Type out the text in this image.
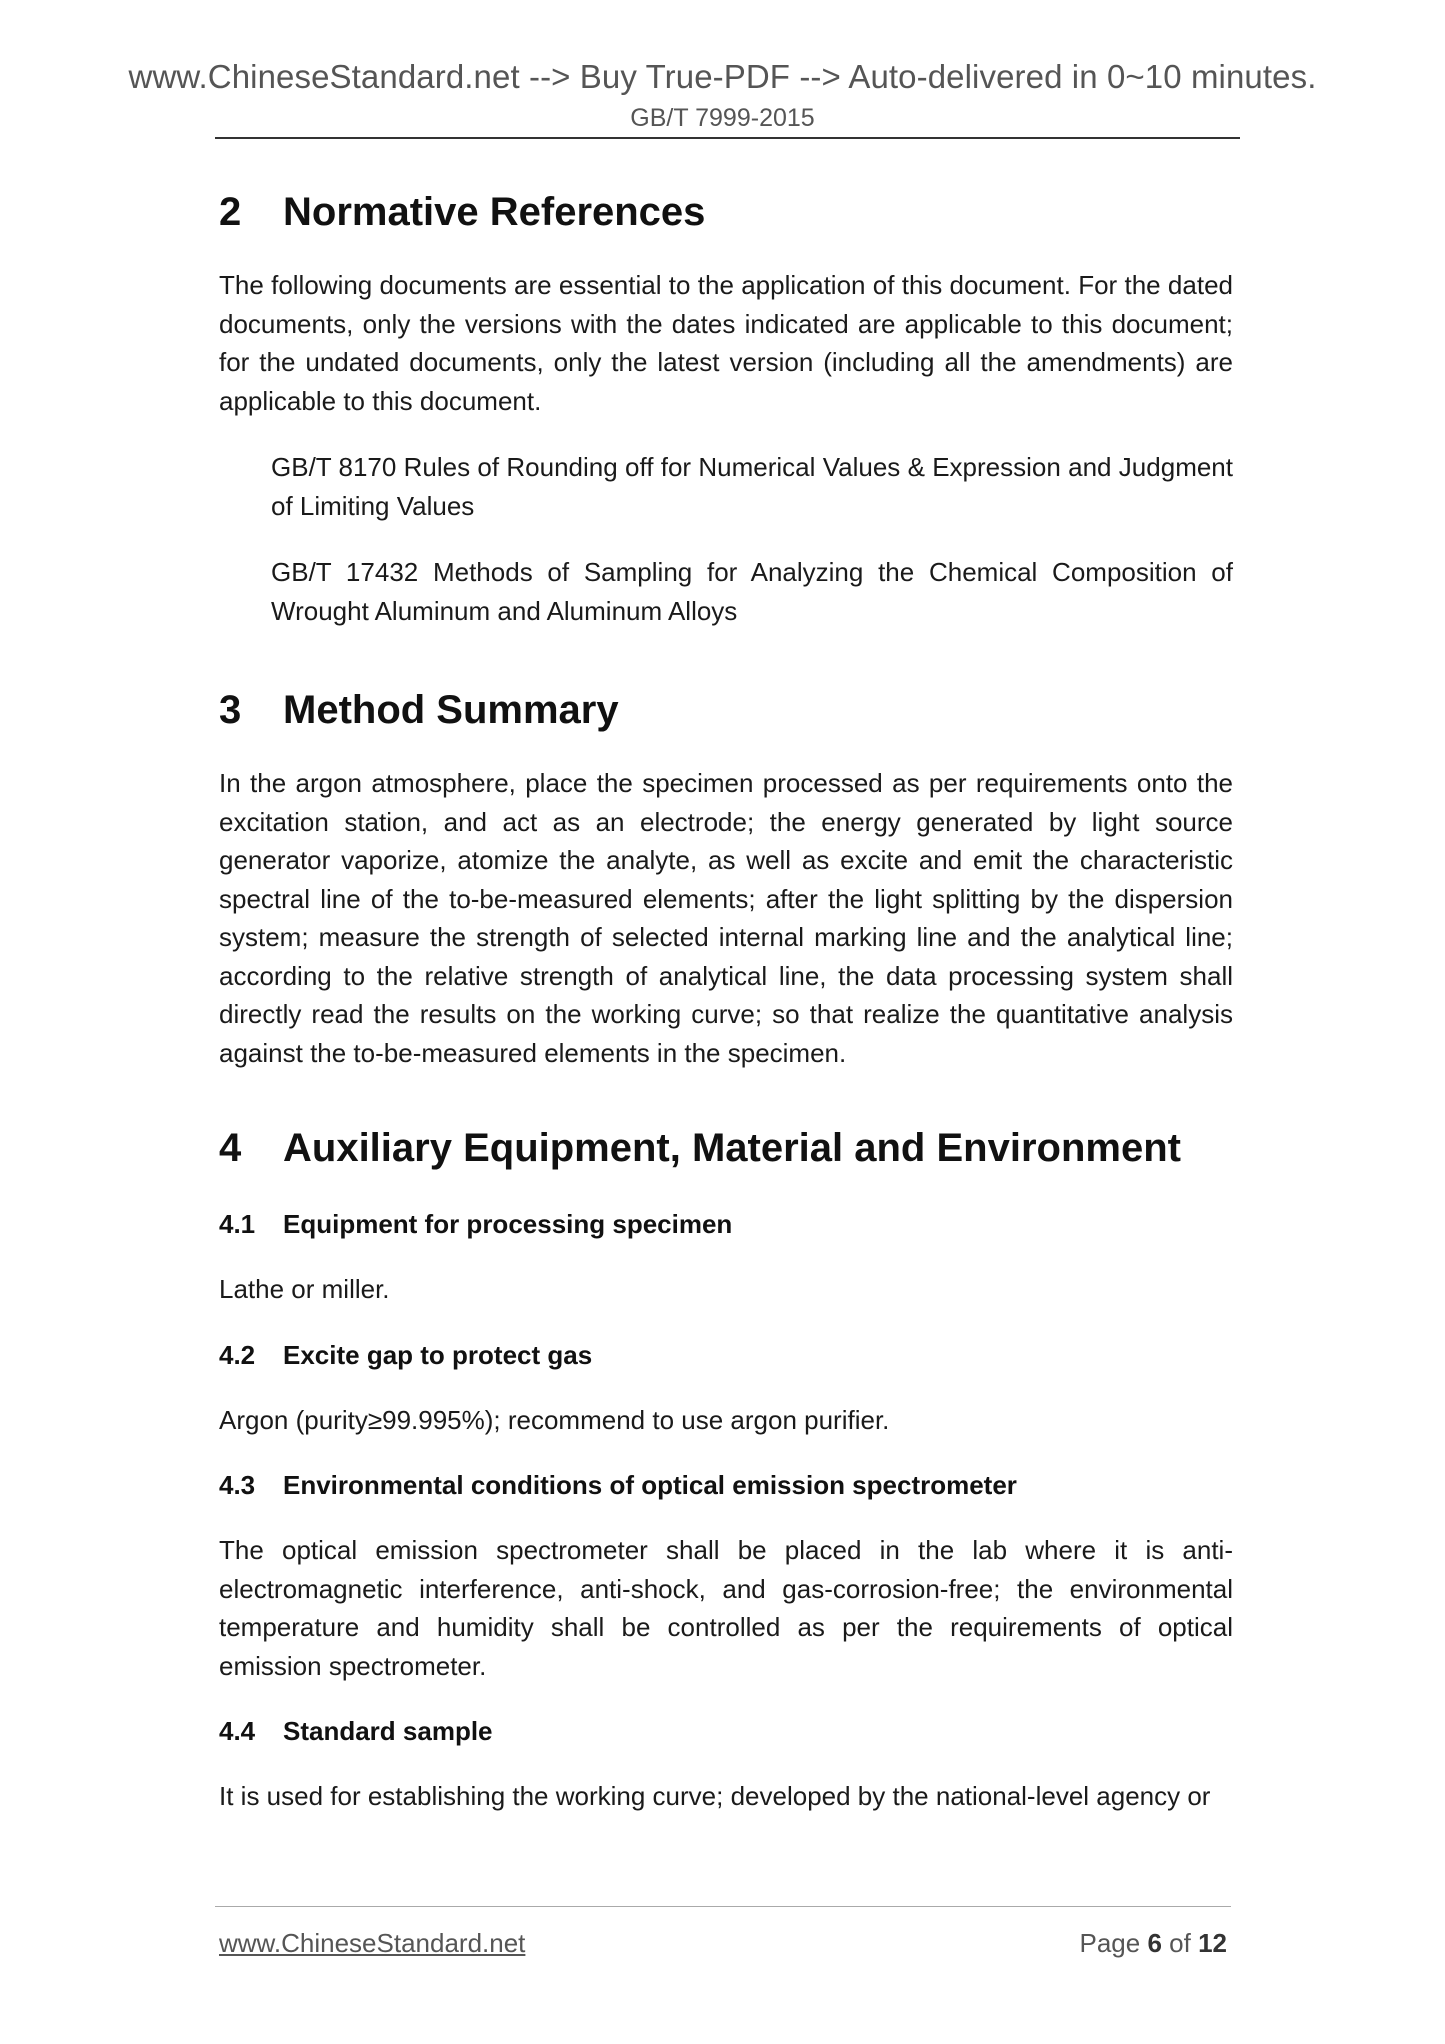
www.ChineseStandard.net --> Buy True-PDF --> Auto-delivered in 0~10 minutes.
GB/T 7999-2015
2	Normative References

The following documents are essential to the application of this document. For the dated documents, only the versions with the dates indicated are applicable to this document; for the undated documents, only the latest version (including all the amendments) are applicable to this document.

GB/T 8170 Rules of Rounding off for Numerical Values & Expression and Judgment of Limiting Values

GB/T 17432 Methods of Sampling for Analyzing the Chemical Composition of Wrought Aluminum and Aluminum Alloys

3	Method Summary

In the argon atmosphere, place the specimen processed as per requirements onto the excitation station, and act as an electrode; the energy generated by light source generator vaporize, atomize the analyte, as well as excite and emit the characteristic spectral line of the to-be-measured elements; after the light splitting by the dispersion system; measure the strength of selected internal marking line and the analytical line; according to the relative strength of analytical line, the data processing system shall directly read the results on the working curve; so that realize the quantitative analysis against the to-be-measured elements in the specimen.

4	Auxiliary Equipment, Material and Environment
4.1	Equipment for processing specimen

Lathe or miller.

4.2	Excite gap to protect gas

Argon (purity≥99.995%); recommend to use argon purifier.

4.3	Environmental conditions of optical emission spectrometer

The optical emission spectrometer shall be placed in the lab where it is anti-electromagnetic interference, anti-shock, and gas-corrosion-free; the environmental temperature and humidity shall be controlled as per the requirements of optical emission spectrometer.

4.4	Standard sample

It is used for establishing the working curve; developed by the national-level agency or

www.ChineseStandard.net	Page 6 of 12
